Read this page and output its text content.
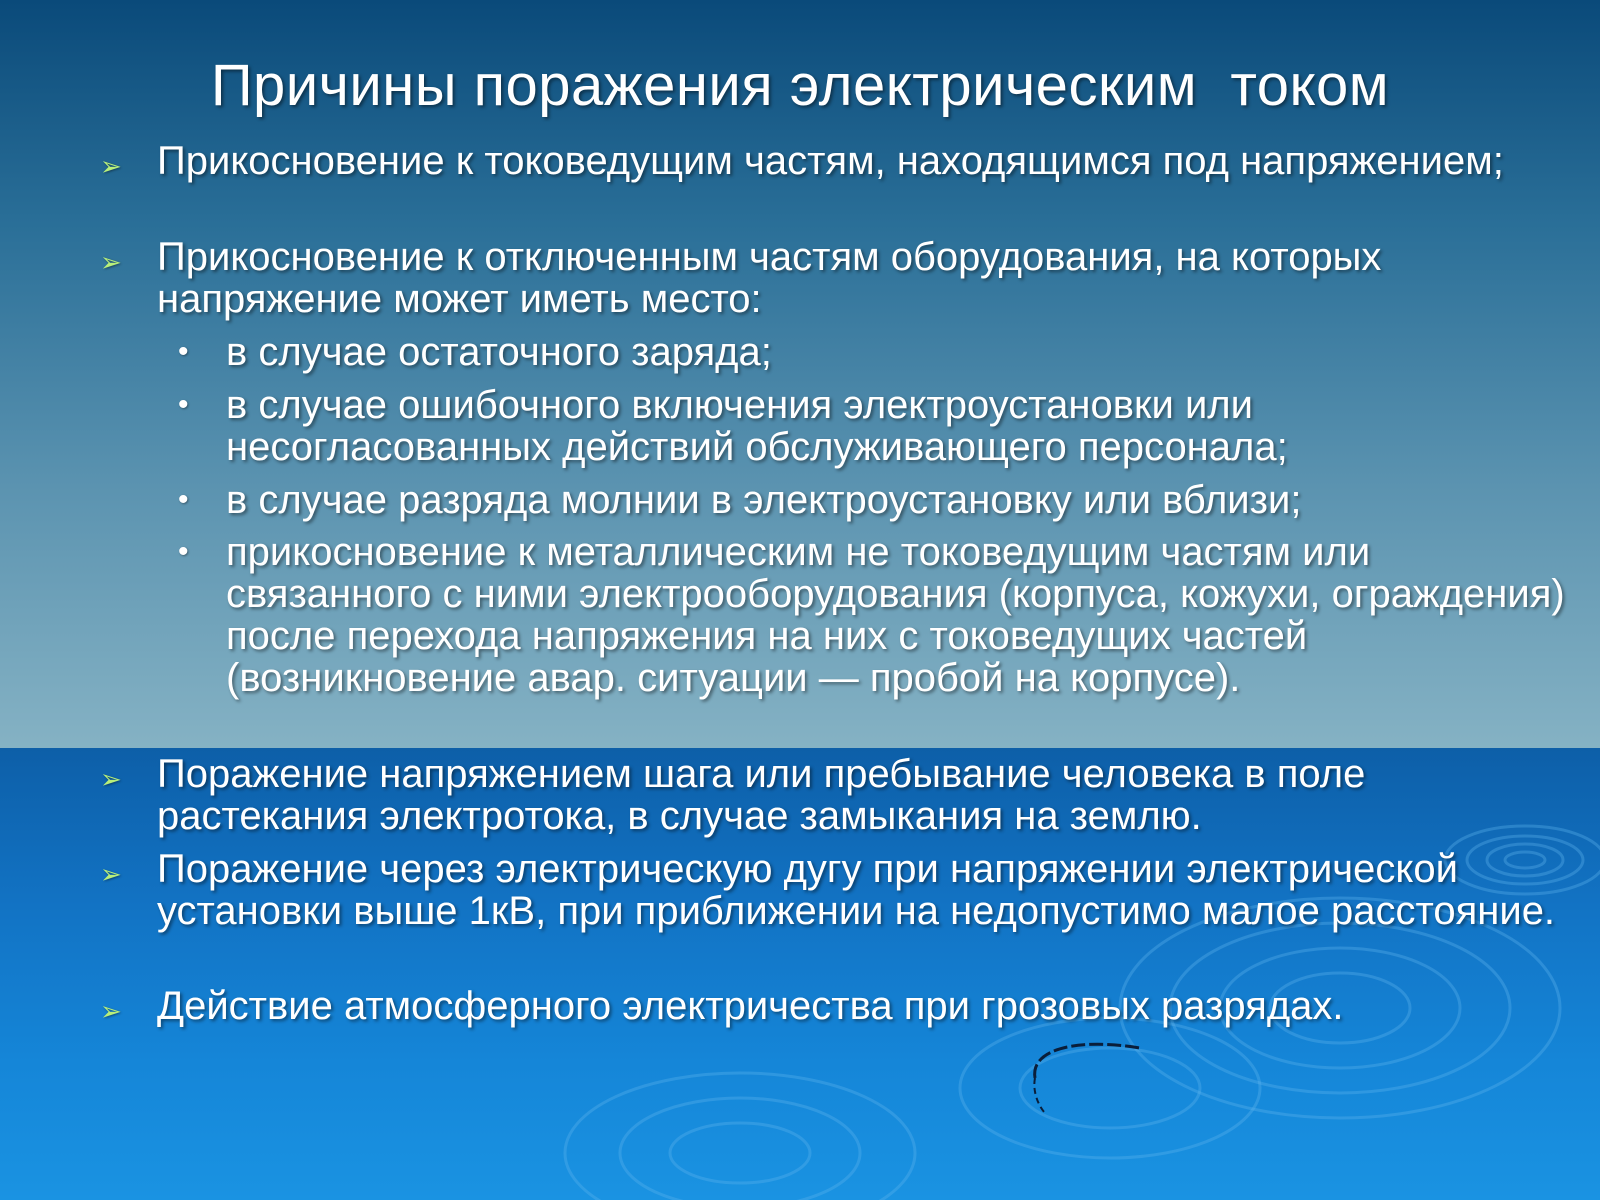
Причины поражения электрическим  током
➢ Прикосновение к токоведущим частям, находящимся под напряжением;
➢ Прикосновение к отключенным частям оборудования, на которых напряжение может иметь место:
• в случае остаточного заряда;
• в случае ошибочного включения электроустановки или несогласованных действий обслуживающего персонала;
• в случае разряда молнии в электроустановку или вблизи;
• прикосновение к металлическим не токоведущим частям или связанного с ними электрооборудования (корпуса, кожухи, ограждения) после перехода напряжения на них с токоведущих частей (возникновение авар. ситуации — пробой на корпусе).
➢ Поражение напряжением шага или пребывание человека в поле растекания электротока, в случае замыкания на землю.
➢ Поражение через электрическую дугу при напряжении электрической установки выше 1кВ, при приближении на недопустимо малое расстояние.
➢ Действие атмосферного электричества при грозовых разрядах.
